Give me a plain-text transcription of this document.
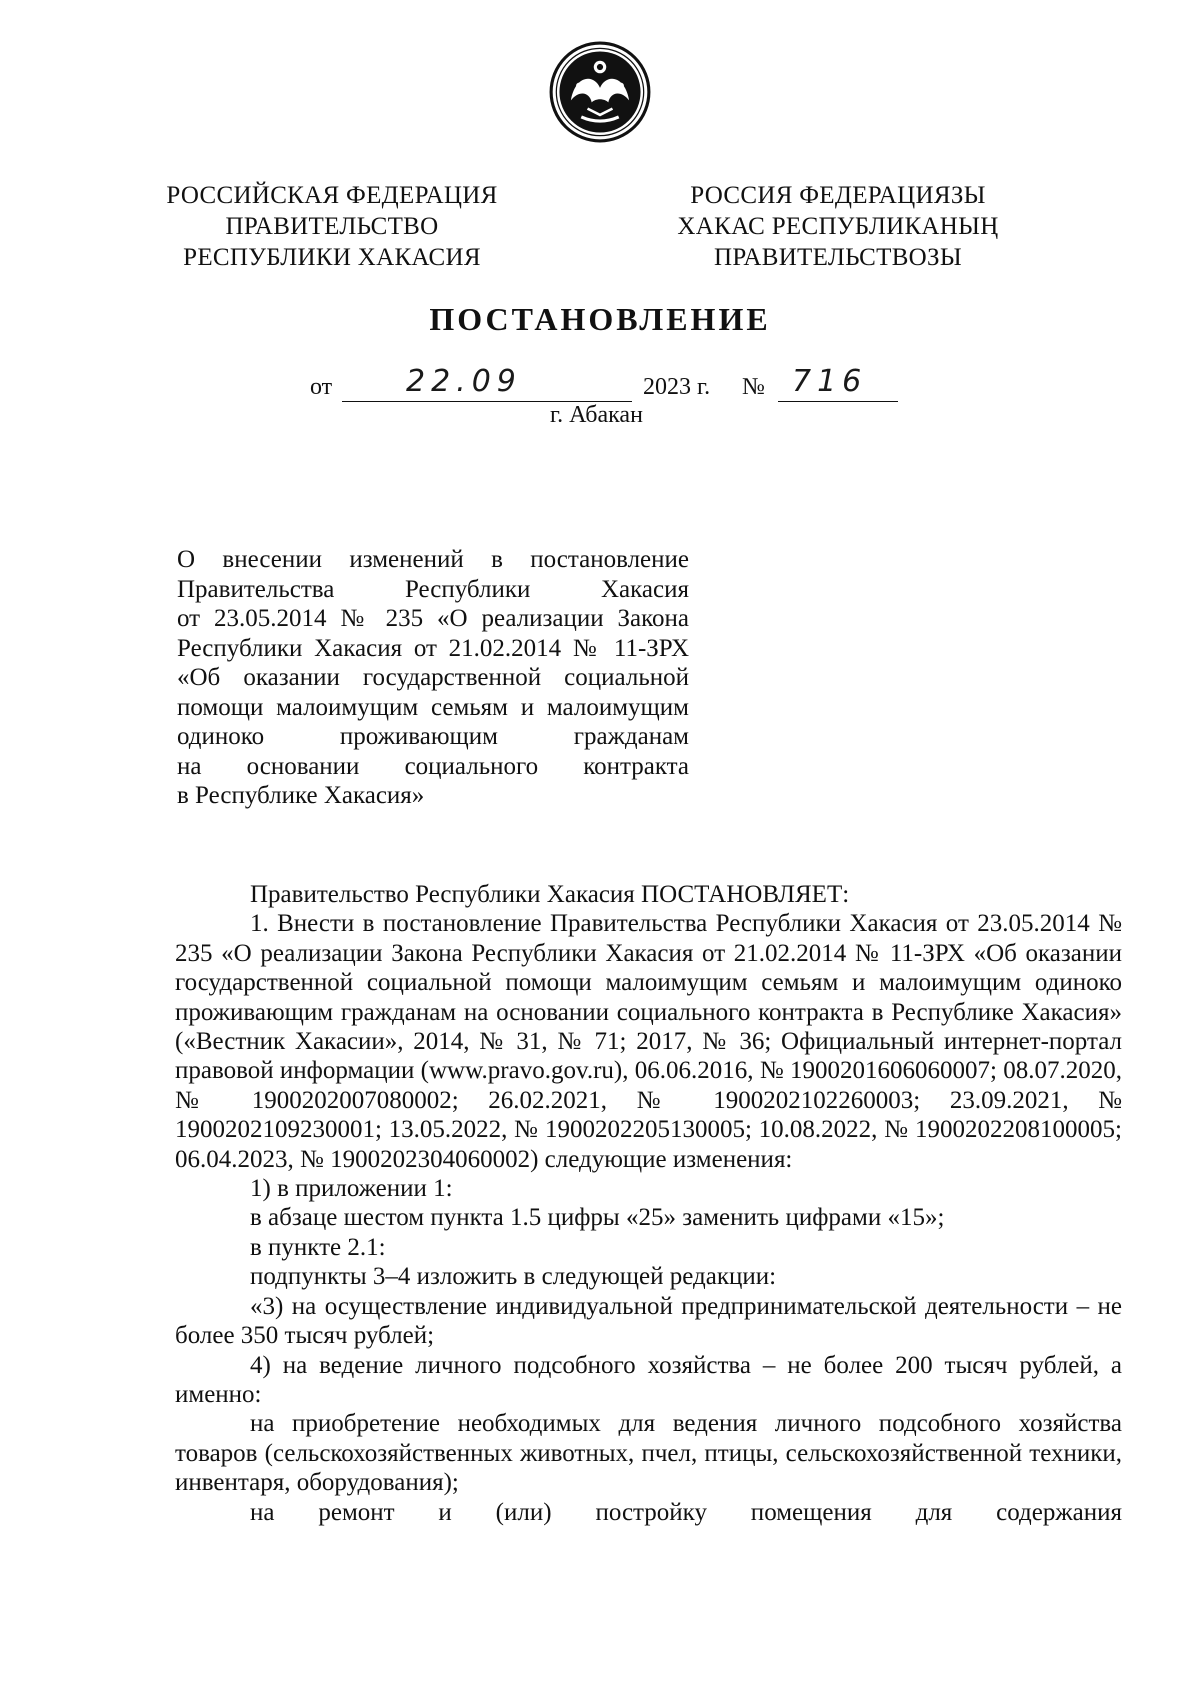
РОССИЙСКАЯ ФЕДЕРАЦИЯ
ПРАВИТЕЛЬСТВО
РЕСПУБЛИКИ ХАКАСИЯ
РОССИЯ ФЕДЕРАЦИЯЗЫ
ХАКАС РЕСПУБЛИКАНЫҢ
ПРАВИТЕЛЬСТВОЗЫ
ПОСТАНОВЛЕНИЕ
от 22.09	2023 г. № 716
г. Абакан
О внесении изменений в постановление
Правительства Республики Хакасия
от 23.05.2014 № 235 «О реализации Закона
Республики Хакасия от 21.02.2014 № 11-ЗРХ
«Об оказании государственной социальной
помощи малоимущим семьям и малоимущим
одиноко проживающим гражданам
на основании социального контракта
в Республике Хакасия»

Правительство Республики Хакасия ПОСТАНОВЛЯЕТ:

1. Внести в постановление Правительства Республики Хакасия от 23.05.2014 № 235 «О реализации Закона Республики Хакасия от 21.02.2014 № 11-ЗРХ «Об оказании государственной социальной помощи малоимущим семьям и малоимущим одиноко проживающим гражданам на основании социального контракта в Республике Хакасия» («Вестник Хакасии», 2014, № 31, № 71; 2017, № 36; Официальный интернет-портал правовой информации (www.pravo.gov.ru), 06.06.2016, № 1900201606060007; 08.07.2020, № 1900202007080002; 26.02.2021, № 1900202102260003; 23.09.2021, № 1900202109230001; 13.05.2022, № 1900202205130005; 10.08.2022, № 1900202208100005; 06.04.2023, № 1900202304060002) следующие изменения:

1) в приложении 1:

в абзаце шестом пункта 1.5 цифры «25» заменить цифрами «15»;

в пункте 2.1:

подпункты 3–4 изложить в следующей редакции:

«3) на осуществление индивидуальной предпринимательской деятельности – не более 350 тысяч рублей;

4) на ведение личного подсобного хозяйства – не более 200 тысяч рублей, а именно:

на приобретение необходимых для ведения личного подсобного хозяйства товаров (сельскохозяйственных животных, пчел, птицы, сельскохозяйственной техники, инвентаря, оборудования);

на ремонт и (или) постройку помещения для содержания
